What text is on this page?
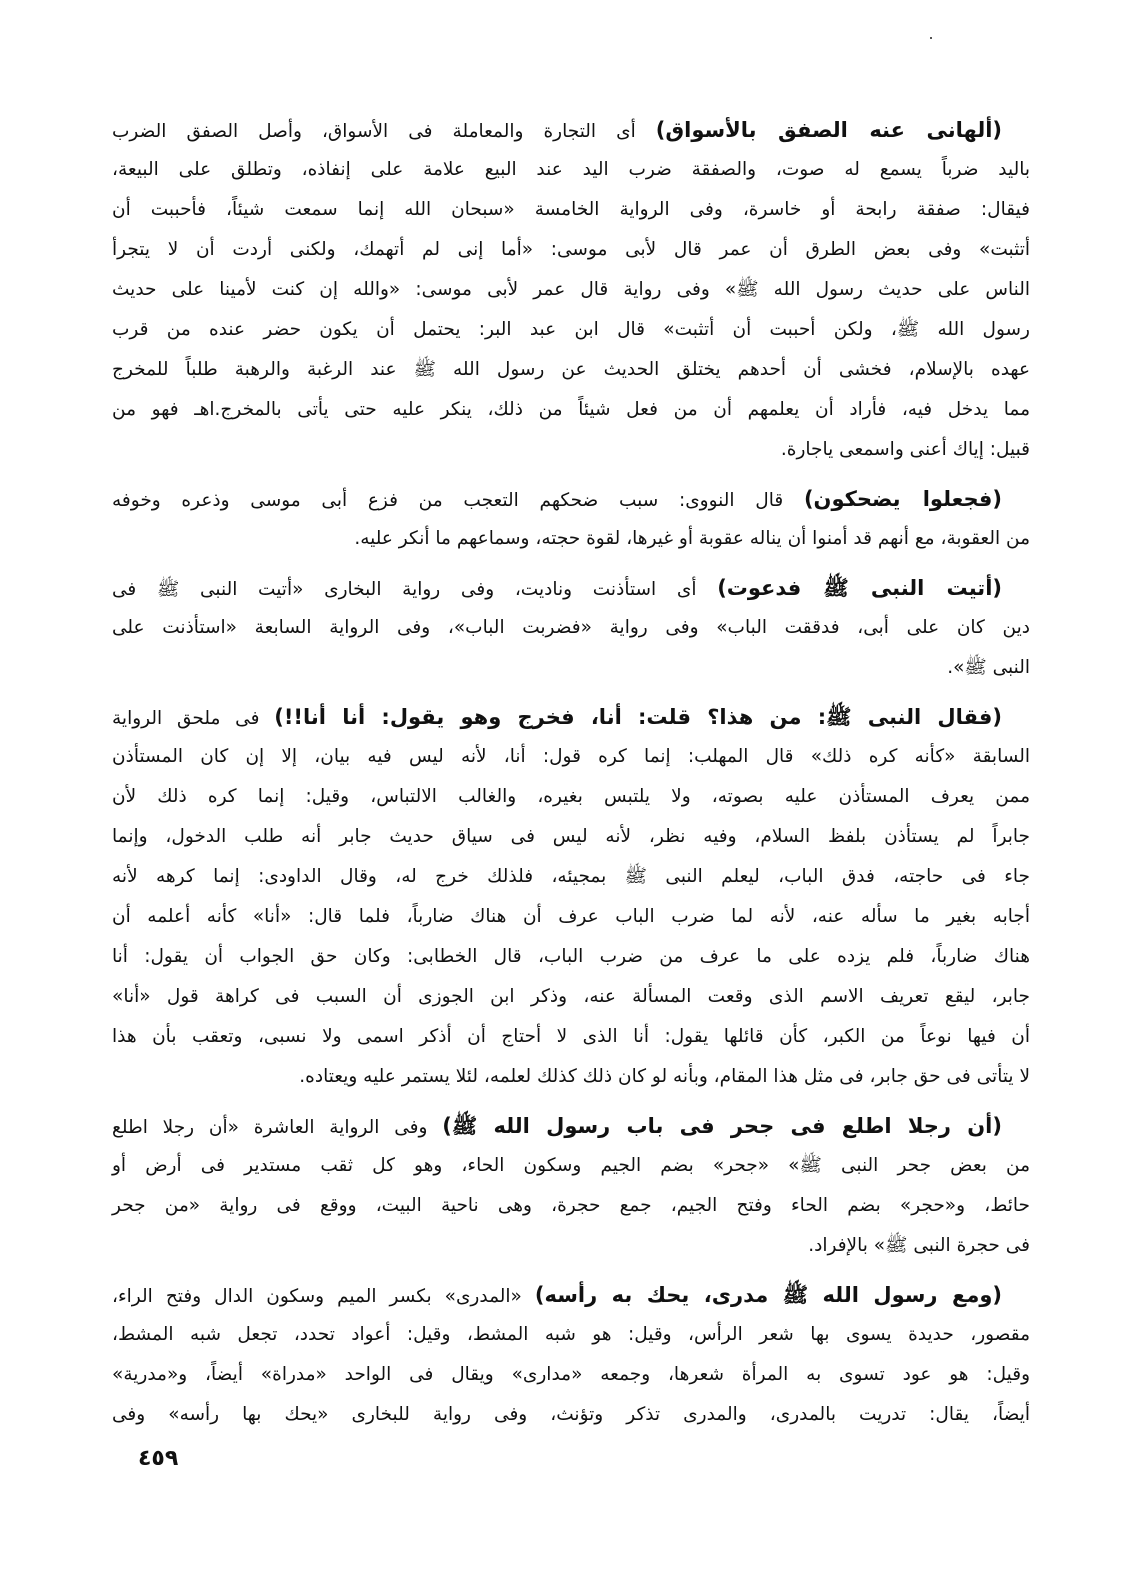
(ألهانى عنه الصفق بالأسواق) أى التجارة والمعاملة فى الأسواق، وأصل الصفق الضرب
باليد ضرباً يسمع له صوت، والصفقة ضرب اليد عند البيع علامة على إنفاذه، وتطلق على البيعة،
فيقال: صفقة رابحة أو خاسرة، وفى الرواية الخامسة «سبحان الله إنما سمعت شيئاً، فأحببت أن
أتثبت» وفى بعض الطرق أن عمر قال لأبى موسى: «أما إنى لم أتهمك، ولكنى أردت أن لا يتجرأ
الناس على حديث رسول الله ﷺ» وفى رواية قال عمر لأبى موسى: «والله إن كنت لأمينا على حديث
رسول الله ﷺ، ولكن أحببت أن أتثبت» قال ابن عبد البر: يحتمل أن يكون حضر عنده من قرب
عهده بالإسلام، فخشى أن أحدهم يختلق الحديث عن رسول الله ﷺ عند الرغبة والرهبة طلباً للمخرج
مما يدخل فيه، فأراد أن يعلمهم أن من فعل شيئاً من ذلك، ينكر عليه حتى يأتى بالمخرج.اهـ فهو من
قبيل: إياك أعنى واسمعى ياجارة.
(فجعلوا يضحكون) قال النووى: سبب ضحكهم التعجب من فزع أبى موسى وذعره وخوفه
من العقوبة، مع أنهم قد أمنوا أن يناله عقوبة أو غيرها، لقوة حجته، وسماعهم ما أنكر عليه.
(أتيت النبى ﷺ فدعوت) أى استأذنت وناديت، وفى رواية البخارى «أتيت النبى ﷺ فى
دين كان على أبى، فدققت الباب» وفى رواية «فضربت الباب»، وفى الرواية السابعة «استأذنت على
النبى ﷺ».
(فقال النبى ﷺ: من هذا؟ قلت: أنا، فخرج وهو يقول: أنا أنا!!) فى ملحق الرواية
السابقة «كأنه كره ذلك» قال المهلب: إنما كره قول: أنا، لأنه ليس فيه بيان، إلا إن كان المستأذن
ممن يعرف المستأذن عليه بصوته، ولا يلتبس بغيره، والغالب الالتباس، وقيل: إنما كره ذلك لأن
جابراً لم يستأذن بلفظ السلام، وفيه نظر، لأنه ليس فى سياق حديث جابر أنه طلب الدخول، وإنما
جاء فى حاجته، فدق الباب، ليعلم النبى ﷺ بمجيئه، فلذلك خرج له، وقال الداودى: إنما كرهه لأنه
أجابه بغير ما سأله عنه، لأنه لما ضرب الباب عرف أن هناك ضارباً، فلما قال: «أنا» كأنه أعلمه أن
هناك ضارباً، فلم يزده على ما عرف من ضرب الباب، قال الخطابى: وكان حق الجواب أن يقول: أنا
جابر، ليقع تعريف الاسم الذى وقعت المسألة عنه، وذكر ابن الجوزى أن السبب فى كراهة قول «أنا»
أن فيها نوعاً من الكبر، كأن قائلها يقول: أنا الذى لا أحتاج أن أذكر اسمى ولا نسبى، وتعقب بأن هذا
لا يتأتى فى حق جابر، فى مثل هذا المقام، وبأنه لو كان ذلك كذلك لعلمه، لئلا يستمر عليه ويعتاده.
(أن رجلا اطلع فى جحر فى باب رسول الله ﷺ) وفى الرواية العاشرة «أن رجلا اطلع
من بعض جحر النبى ﷺ» «جحر» بضم الجيم وسكون الحاء، وهو كل ثقب مستدير فى أرض أو
حائط، و«حجر» بضم الحاء وفتح الجيم، جمع حجرة، وهى ناحية البيت، ووقع فى رواية «من جحر
فى حجرة النبى ﷺ» بالإفراد.
(ومع رسول الله ﷺ مدرى، يحك به رأسه) «المدرى» بكسر الميم وسكون الدال وفتح الراء،
مقصور، حديدة يسوى بها شعر الرأس، وقيل: هو شبه المشط، وقيل: أعواد تحدد، تجعل شبه المشط،
وقيل: هو عود تسوى به المرأة شعرها، وجمعه «مدارى» ويقال فى الواحد «مدراة» أيضاً، و«مدرية»
أيضاً، يقال: تدريت بالمدرى، والمدرى تذكر وتؤنث، وفى رواية للبخارى «يحك بها رأسه» وفى
٤٥٩
